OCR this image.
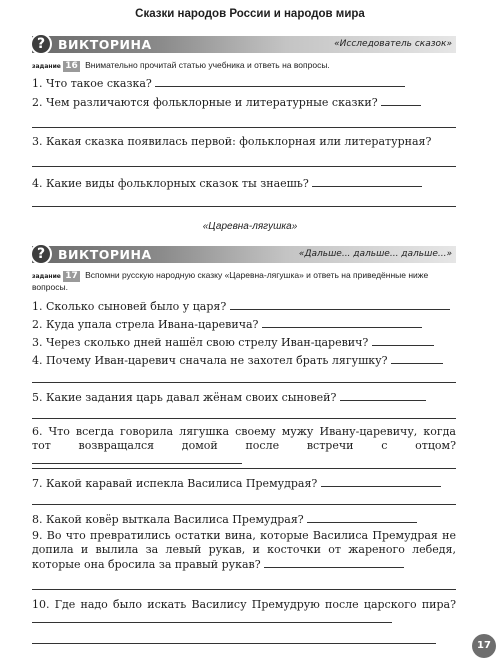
Сказки народов России и народов мира
?	ВИКТОРИНА	«Исследователь сказок»
задание 16 Внимательно прочитай статью учебника и ответь на вопросы.
1. Что такое сказка?
2. Чем различаются фольклорные и литературные сказки?
3. Какая сказка появилась первой: фольклорная или литературная?
4. Какие виды фольклорных сказок ты знаешь?
«Царевна-лягушка»
?	ВИКТОРИНА	«Дальше... дальше... дальше...»
задание 17 Вспомни русскую народную сказку «Царевна-лягушка» и ответь на приведённые ниже вопросы.
1. Сколько сыновей было у царя?
2. Куда упала стрела Ивана-царевича?
3. Через сколько дней нашёл свою стрелу Иван-царевич?
4. Почему Иван-царевич сначала не захотел брать лягушку?
5. Какие задания царь давал жёнам своих сыновей?
6. Что всегда говорила лягушка своему мужу Ивану-царевичу, когда тот возвращался домой после встречи с отцом?
7. Какой каравай испекла Василиса Премудрая?
8. Какой ковёр выткала Василиса Премудрая?
9. Во что превратились остатки вина, которые Василиса Премудрая не допила и вылила за левый рукав, и косточки от жареного лебедя, которые она бросила за правый рукав?
10. Где надо было искать Василису Премудрую после царского пира?
17
